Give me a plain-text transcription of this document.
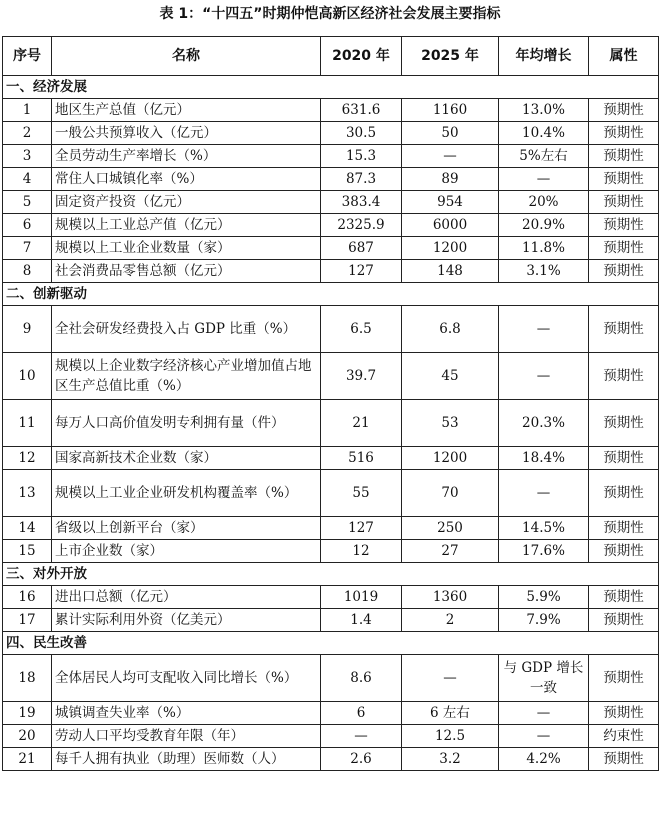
表 1：“十四五”时期仲恺高新区经济社会发展主要指标
序号	名称	2020 年	2025 年	年均增长	属性
一、经济发展					
1	地区生产总值（亿元）	631.6	1160	13.0%	预期性
2	一般公共预算收入（亿元）	30.5	50	10.4%	预期性
3	全员劳动生产率增长（%）	15.3	—	5%左右	预期性
4	常住人口城镇化率（%）	87.3	89	—	预期性
5	固定资产投资（亿元）	383.4	954	20%	预期性
6	规模以上工业总产值（亿元）	2325.9	6000	20.9%	预期性
7	规模以上工业企业数量（家）	687	1200	11.8%	预期性
8	社会消费品零售总额（亿元）	127	148	3.1%	预期性
二、创新驱动					
9	全社会研发经费投入占 GDP 比重（%）	6.5	6.8	—	预期性
10	规模以上企业数字经济核心产业增加值占地区生产总值比重（%）	39.7	45	—	预期性
11	每万人口高价值发明专利拥有量（件）	21	53	20.3%	预期性
12	国家高新技术企业数（家）	516	1200	18.4%	预期性
13	规模以上工业企业研发机构覆盖率（%）	55	70	—	预期性
14	省级以上创新平台（家）	127	250	14.5%	预期性
15	上市企业数（家）	12	27	17.6%	预期性
三、对外开放					
16	进出口总额（亿元）	1019	1360	5.9%	预期性
17	累计实际利用外资（亿美元）	1.4	2	7.9%	预期性
四、民生改善					
18	全体居民人均可支配收入同比增长（%）	8.6	—	与 GDP 增长一致	预期性
19	城镇调查失业率（%）	6	6 左右	—	预期性
20	劳动人口平均受教育年限（年）	—	12.5	—	约束性
21	每千人拥有执业（助理）医师数（人）	2.6	3.2	4.2%	预期性
